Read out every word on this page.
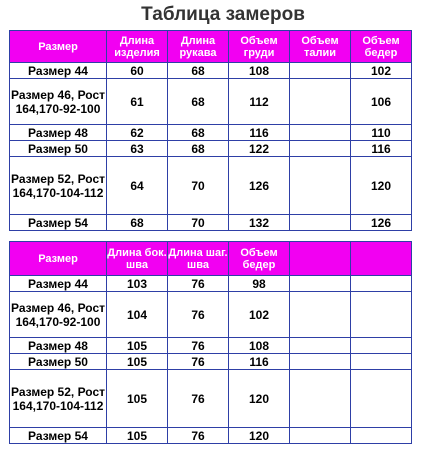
Таблица замеров
Размер	Длина изделия	Длина рукава	Объем груди	Объем талии	Объем бедер
Размер 44	60	68	108		102
Размер 46, Рост 164,170-92-100	61	68	112		106
Размер 48	62	68	116		110
Размер 50	63	68	122		116
Размер 52, Рост 164,170-104-112	64	70	126		120
Размер 54	68	70	132		126
Размер	Длина бок. шва	Длина шаг. шва	Объем бедер		
Размер 44	103	76	98		
Размер 46, Рост 164,170-92-100	104	76	102		
Размер 48	105	76	108		
Размер 50	105	76	116		
Размер 52, Рост 164,170-104-112	105	76	120		
Размер 54	105	76	120		
